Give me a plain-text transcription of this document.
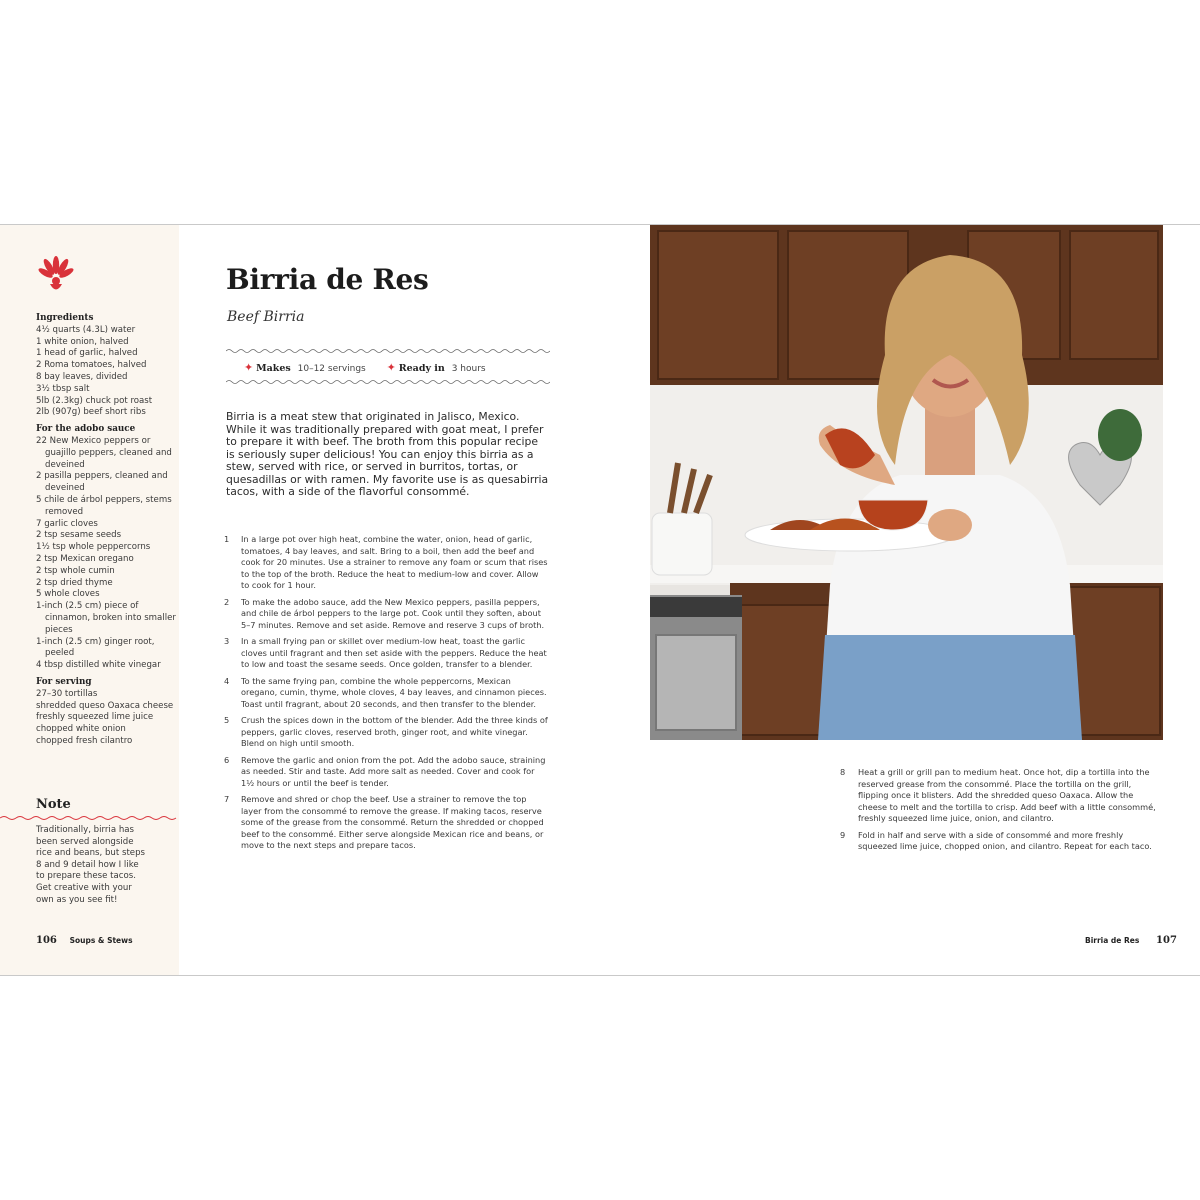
Ingredients
4½ quarts (4.3L) water
1 white onion, halved
1 head of garlic, halved
2 Roma tomatoes, halved
8 bay leaves, divided
3½ tbsp salt
5lb (2.3kg) chuck pot roast
2lb (907g) beef short ribs
For the adobo sauce
22 New Mexico peppers or guajillo peppers, cleaned and deveined
2 pasilla peppers, cleaned and deveined
5 chile de árbol peppers, stems removed
7 garlic cloves
2 tsp sesame seeds
1½ tsp whole peppercorns
2 tsp Mexican oregano
2 tsp whole cumin
2 tsp dried thyme
5 whole cloves
1-inch (2.5 cm) piece of cinnamon, broken into smaller pieces
1-inch (2.5 cm) ginger root, peeled
4 tbsp distilled white vinegar
For serving
27–30 tortillas
shredded queso Oaxaca cheese
freshly squeezed lime juice
chopped white onion
chopped fresh cilantro
Note
Traditionally, birria has been served alongside rice and beans, but steps 8 and 9 detail how I like to prepare these tacos. Get creative with your own as you see fit!
106 Soups & Stews
Birria de Res
Beef Birria
✦ Makes 10–12 servings ✦ Ready in 3 hours
Birria is a meat stew that originated in Jalisco, Mexico. While it was traditionally prepared with goat meat, I prefer to prepare it with beef. The broth from this popular recipe is seriously super delicious! You can enjoy this birria as a stew, served with rice, or served in burritos, tortas, or quesadillas or with ramen. My favorite use is as quesabirria tacos, with a side of the flavorful consommé.
1	In a large pot over high heat, combine the water, onion, head of garlic, tomatoes, 4 bay leaves, and salt. Bring to a boil, then add the beef and cook for 20 minutes. Use a strainer to remove any foam or scum that rises to the top of the broth. Reduce the heat to medium-low and cover. Allow to cook for 1 hour.
2	To make the adobo sauce, add the New Mexico peppers, pasilla peppers, and chile de árbol peppers to the large pot. Cook until they soften, about 5–7 minutes. Remove and set aside. Remove and reserve 3 cups of broth.
3	In a small frying pan or skillet over medium-low heat, toast the garlic cloves until fragrant and then set aside with the peppers. Reduce the heat to low and toast the sesame seeds. Once golden, transfer to a blender.
4	To the same frying pan, combine the whole peppercorns, Mexican oregano, cumin, thyme, whole cloves, 4 bay leaves, and cinnamon pieces. Toast until fragrant, about 20 seconds, and then transfer to the blender.
5	Crush the spices down in the bottom of the blender. Add the three kinds of peppers, garlic cloves, reserved broth, ginger root, and white vinegar. Blend on high until smooth.
6	Remove the garlic and onion from the pot. Add the adobo sauce, straining as needed. Stir and taste. Add more salt as needed. Cover and cook for 1½ hours or until the beef is tender.
7	Remove and shred or chop the beef. Use a strainer to remove the top layer from the consommé to remove the grease. If making tacos, reserve some of the grease from the consommé. Return the shredded or chopped beef to the consommé. Either serve alongside Mexican rice and beans, or move to the next steps and prepare tacos.
8	Heat a grill or grill pan to medium heat. Once hot, dip a tortilla into the reserved grease from the consommé. Place the tortilla on the grill, flipping once it blisters. Add the shredded queso Oaxaca. Allow the cheese to melt and the tortilla to crisp. Add beef with a little consommé, freshly squeezed lime juice, onion, and cilantro.
9	Fold in half and serve with a side of consommé and more freshly squeezed lime juice, chopped onion, and cilantro. Repeat for each taco.
Birria de Res 107
